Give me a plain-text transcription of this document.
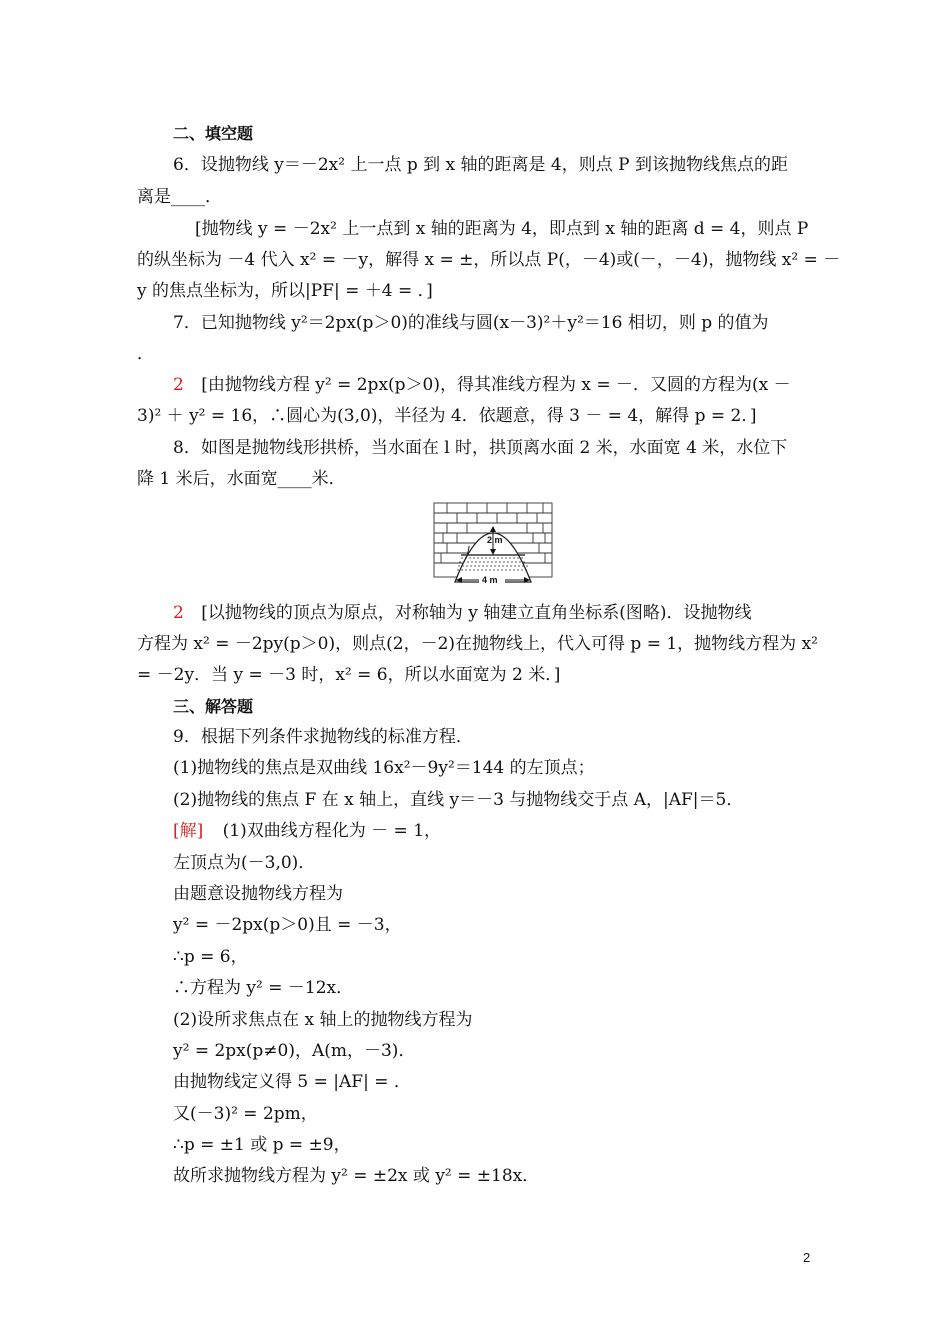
二、填空题
6．设抛物线 y＝－2x² 上一点 p 到 x 轴的距离是 4，则点 P 到该抛物线焦点的距
离是____．
[抛物线 y = －2x² 上一点到 x 轴的距离为 4，即点到 x 轴的距离 d = 4，则点 P
的纵坐标为 －4 代入 x² = －y，解得 x = ±，所以点 P(，－4)或(－，－4)，抛物线 x² = －
y 的焦点坐标为，所以|PF| = ＋4 = ．]
7．已知抛物线 y²＝2px(p＞0)的准线与圆(x－3)²＋y²＝16 相切，则 p 的值为
．
2 [由抛物线方程 y² = 2px(p＞0)，得其准线方程为 x = －．又圆的方程为(x －
3)² ＋ y² = 16，∴圆心为(3,0)，半径为 4．依题意，得 3 － = 4，解得 p = 2．]
8．如图是抛物线形拱桥，当水面在 l 时，拱顶离水面 2 米，水面宽 4 米，水位下
降 1 米后，水面宽____米．
2 m
l
4 m
2 [以抛物线的顶点为原点，对称轴为 y 轴建立直角坐标系(图略)．设抛物线
方程为 x² = －2py(p＞0)，则点(2，－2)在抛物线上，代入可得 p = 1，抛物线方程为 x²
= －2y．当 y = －3 时，x² = 6，所以水面宽为 2 米．]
三、解答题
9．根据下列条件求抛物线的标准方程．
(1)抛物线的焦点是双曲线 16x²－9y²＝144 的左顶点；
(2)抛物线的焦点 F 在 x 轴上，直线 y＝－3 与抛物线交于点 A，|AF|＝5．
[解] (1)双曲线方程化为 － = 1，
左顶点为(－3,0)．
由题意设抛物线方程为
y² = －2px(p＞0)且 = －3，
∴p = 6，
∴方程为 y² = －12x．
(2)设所求焦点在 x 轴上的抛物线方程为
y² = 2px(p≠0)，A(m，－3)．
由抛物线定义得 5 = |AF| = ．
又(－3)² = 2pm，
∴p = ±1 或 p = ±9，
故所求抛物线方程为 y² = ±2x 或 y² = ±18x．
2
